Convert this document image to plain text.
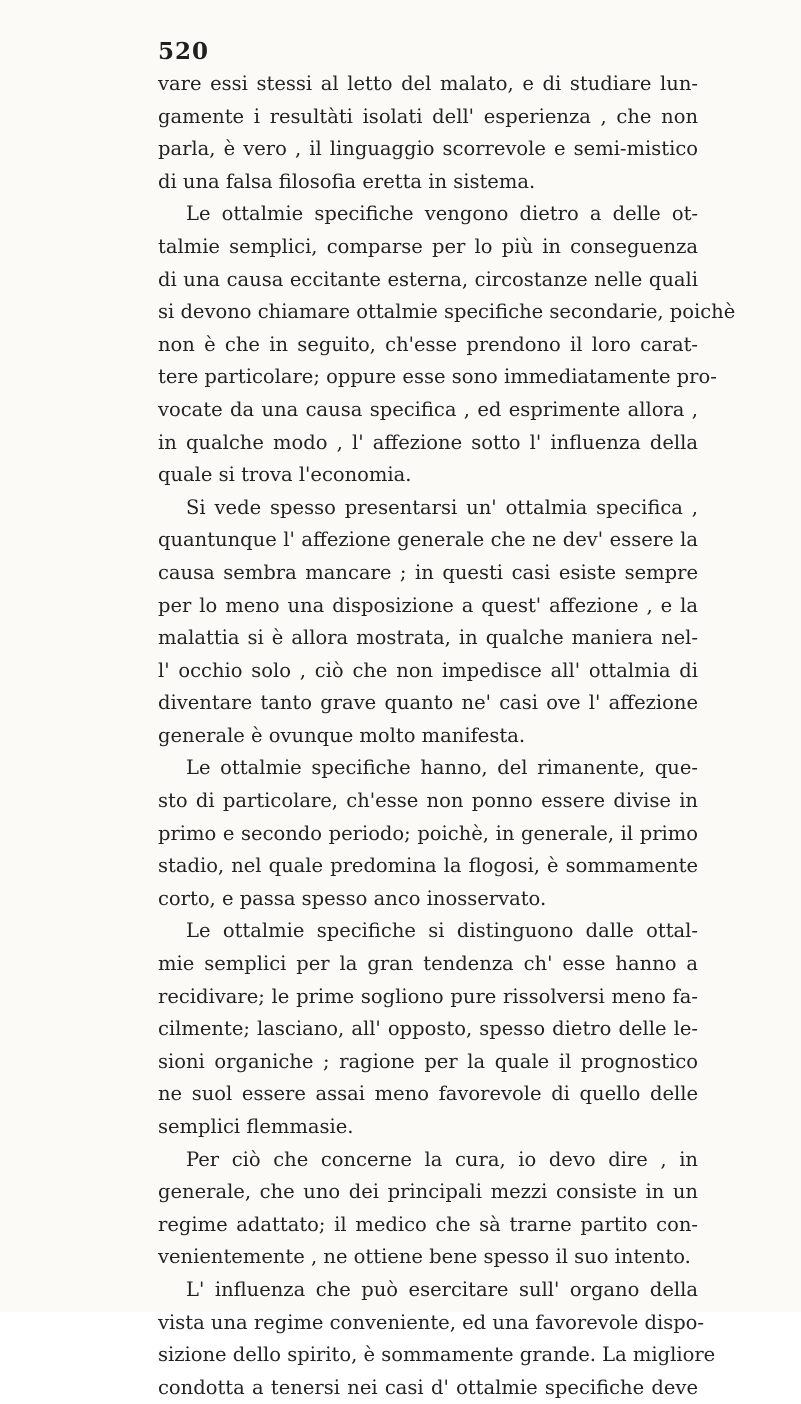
520
vare essi stessi al letto del malato, e di studiare lun-
gamente i resultàti isolati dell' esperienza , che non
parla, è vero , il linguaggio scorrevole e semi-mistico
di una falsa filosofia eretta in sistema.
Le ottalmie specifiche vengono dietro a delle ot-
talmie semplici, comparse per lo più in conseguenza
di una causa eccitante esterna, circostanze nelle quali
si devono chiamare ottalmie specifiche secondarie, poichè
non è che in seguito, ch'esse prendono il loro carat-
tere particolare; oppure esse sono immediatamente pro-
vocate da una causa specifica , ed esprimente allora ,
in qualche modo , l' affezione sotto l' influenza della
quale si trova l'economia.
Si vede spesso presentarsi un' ottalmia specifica ,
quantunque l' affezione generale che ne dev' essere la
causa sembra mancare ; in questi casi esiste sempre
per lo meno una disposizione a quest' affezione , e la
malattia si è allora mostrata, in qualche maniera nel-
l' occhio solo , ciò che non impedisce all' ottalmia di
diventare tanto grave quanto ne' casi ove l' affezione
generale è ovunque molto manifesta.
Le ottalmie specifiche hanno, del rimanente, que-
sto di particolare, ch'esse non ponno essere divise in
primo e secondo periodo; poichè, in generale, il primo
stadio, nel quale predomina la flogosi, è sommamente
corto, e passa spesso anco inosservato.
Le ottalmie specifiche si distinguono dalle ottal-
mie semplici per la gran tendenza ch' esse hanno a
recidivare; le prime sogliono pure rissolversi meno fa-
cilmente; lasciano, all' opposto, spesso dietro delle le-
sioni organiche ; ragione per la quale il prognostico
ne suol essere assai meno favorevole di quello delle
semplici flemmasie.
Per ciò che concerne la cura, io devo dire , in
generale, che uno dei principali mezzi consiste in un
regime adattato; il medico che sà trarne partito con-
venientemente , ne ottiene bene spesso il suo intento.
L' influenza che può esercitare sull' organo della
vista una regime conveniente, ed una favorevole dispo-
sizione dello spirito, è sommamente grande. La migliore
condotta a tenersi nei casi d' ottalmie specifiche deve
